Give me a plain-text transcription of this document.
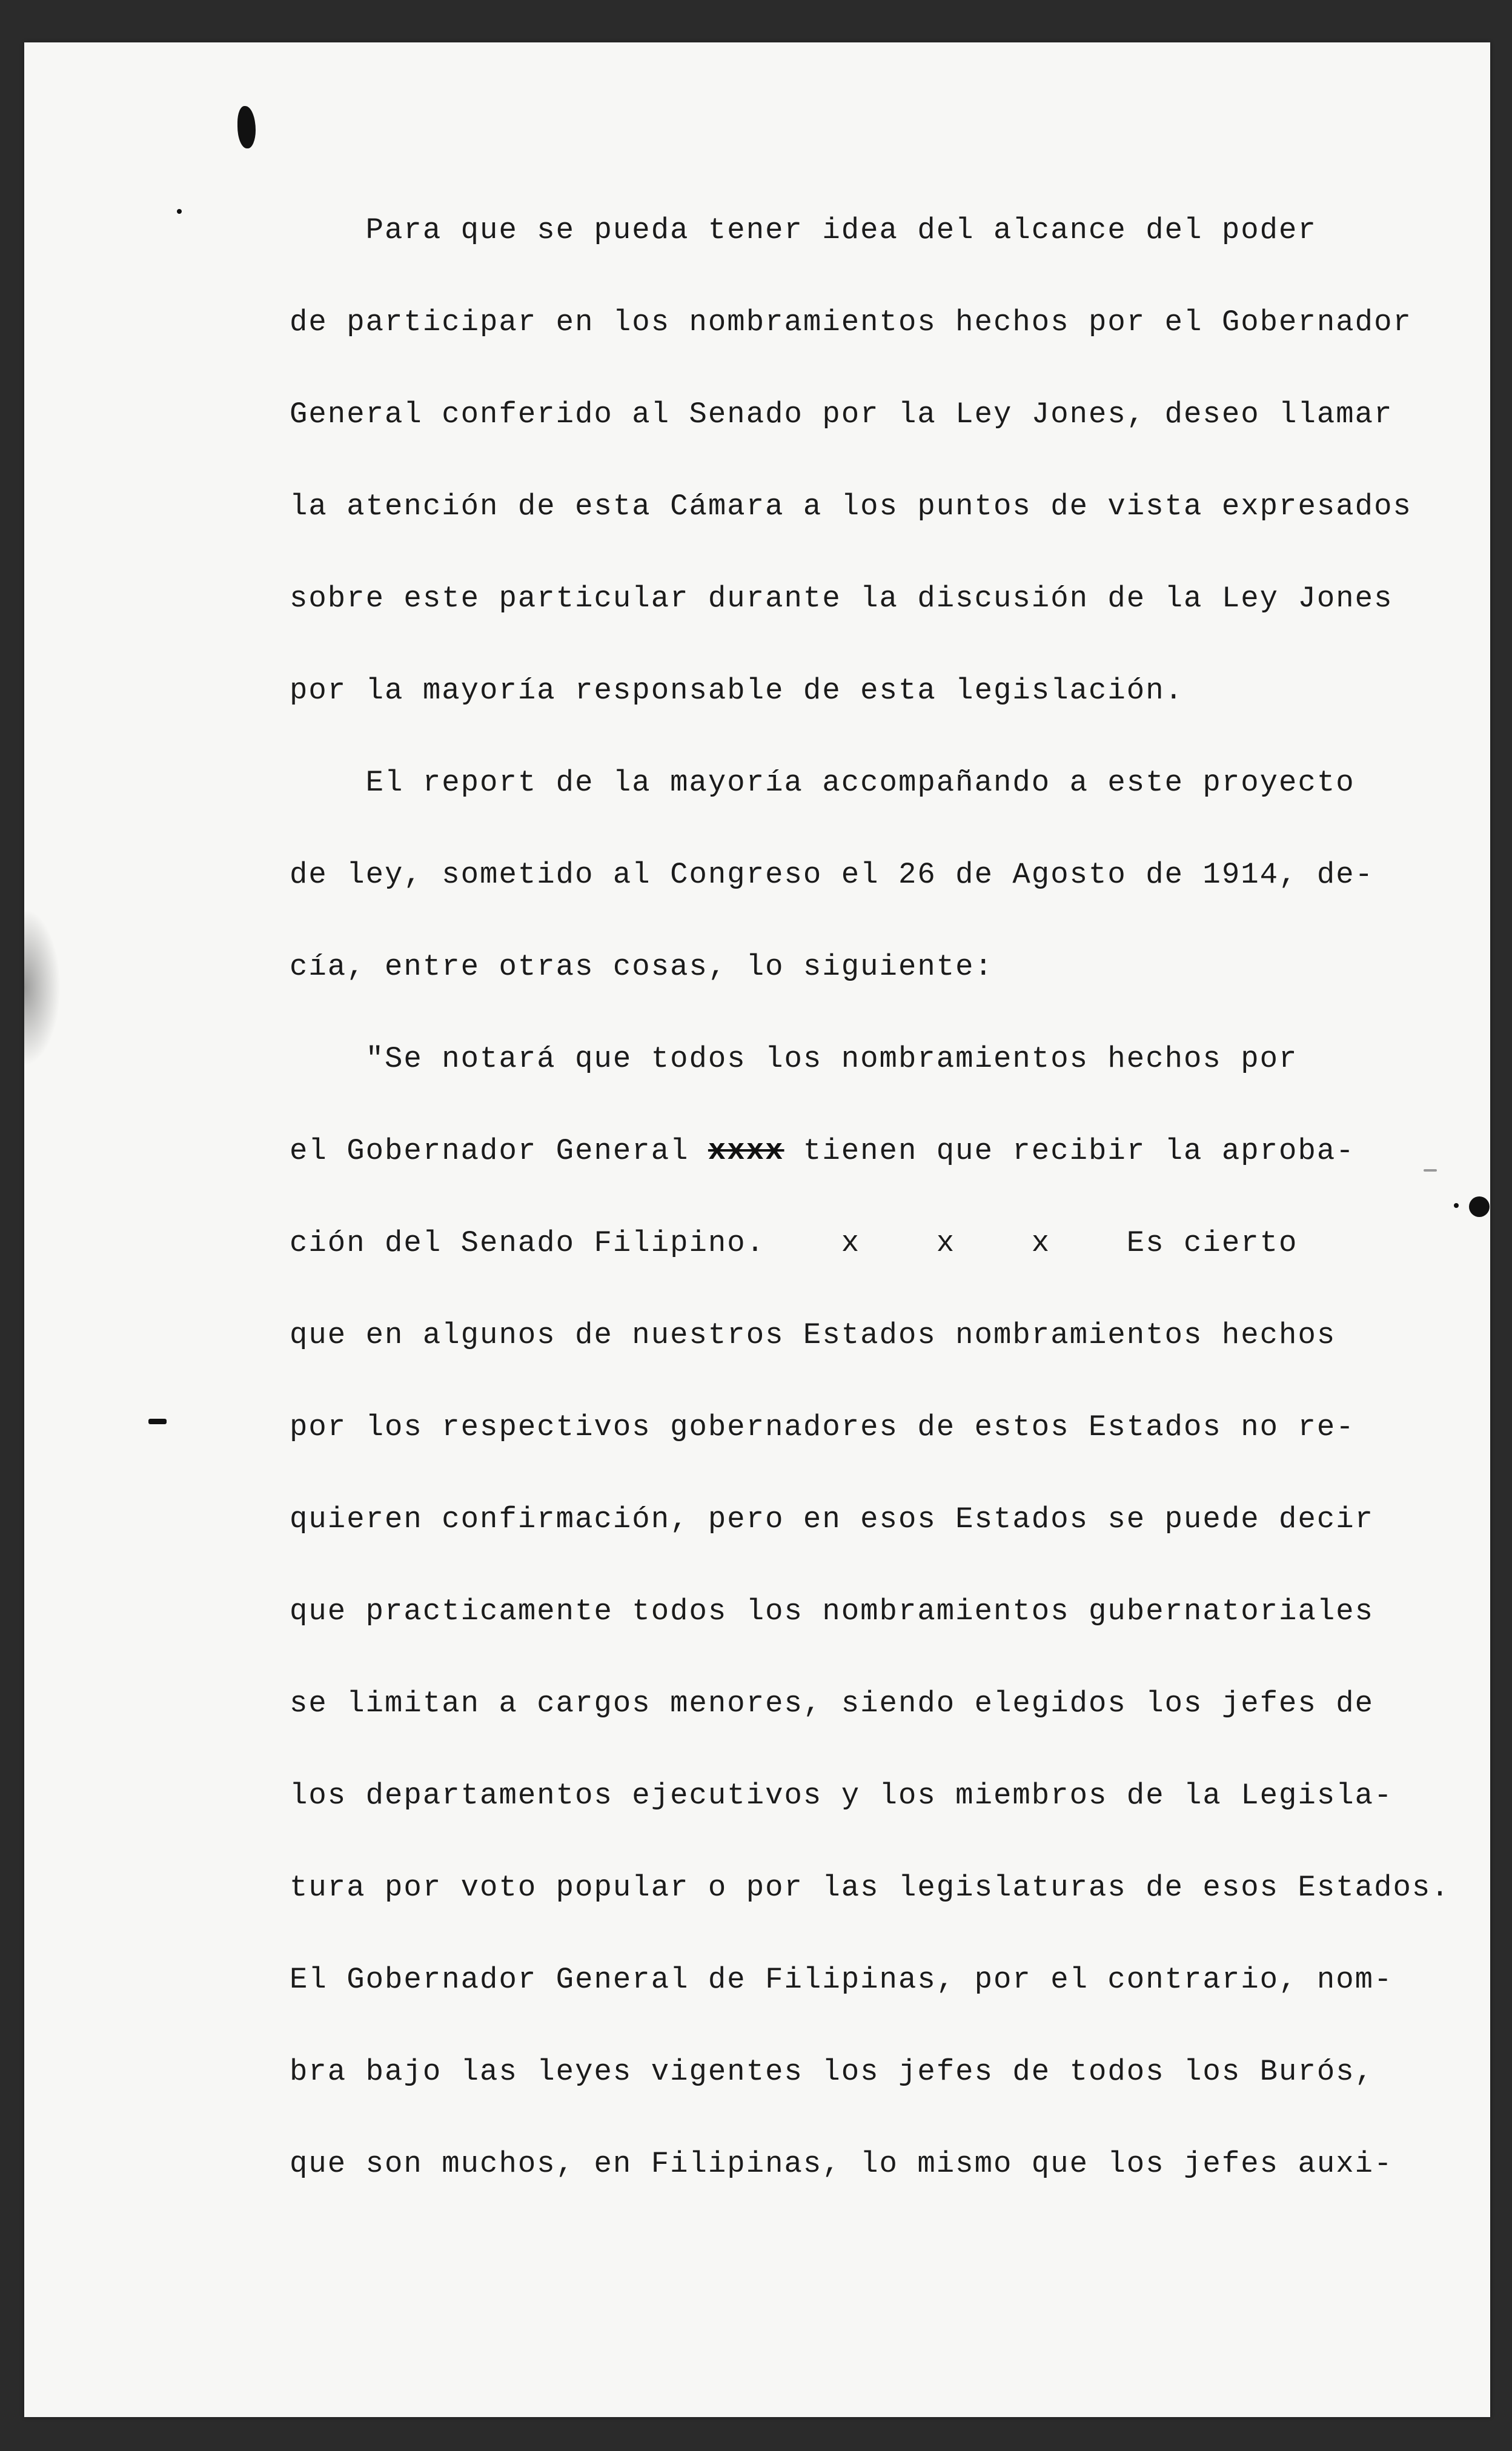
Para que se pueda tener idea del alcance del poder
de participar en los nombramientos hechos por el Gobernador
General conferido al Senado por la Ley Jones, deseo llamar
la atención de esta Cámara a los puntos de vista expresados
sobre este particular durante la discusión de la Ley Jones
por la mayoría responsable de esta legislación.
El report de la mayoría accompañando a este proyecto
de ley, sometido al Congreso el 26 de Agosto de 1914, de-
cía, entre otras cosas, lo siguiente:
"Se notará que todos los nombramientos hechos por
el Gobernador General xxxx tienen que recibir la aproba-
ción del Senado Filipino.    x    x    x    Es cierto
que en algunos de nuestros Estados nombramientos hechos
por los respectivos gobernadores de estos Estados no re-
quieren confirmación, pero en esos Estados se puede decir
que practicamente todos los nombramientos gubernatoriales
se limitan a cargos menores, siendo elegidos los jefes de
los departamentos ejecutivos y los miembros de la Legisla-
tura por voto popular o por las legislaturas de esos Estados.
El Gobernador General de Filipinas, por el contrario, nom-
bra bajo las leyes vigentes los jefes de todos los Burós,
que son muchos, en Filipinas, lo mismo que los jefes auxi-
